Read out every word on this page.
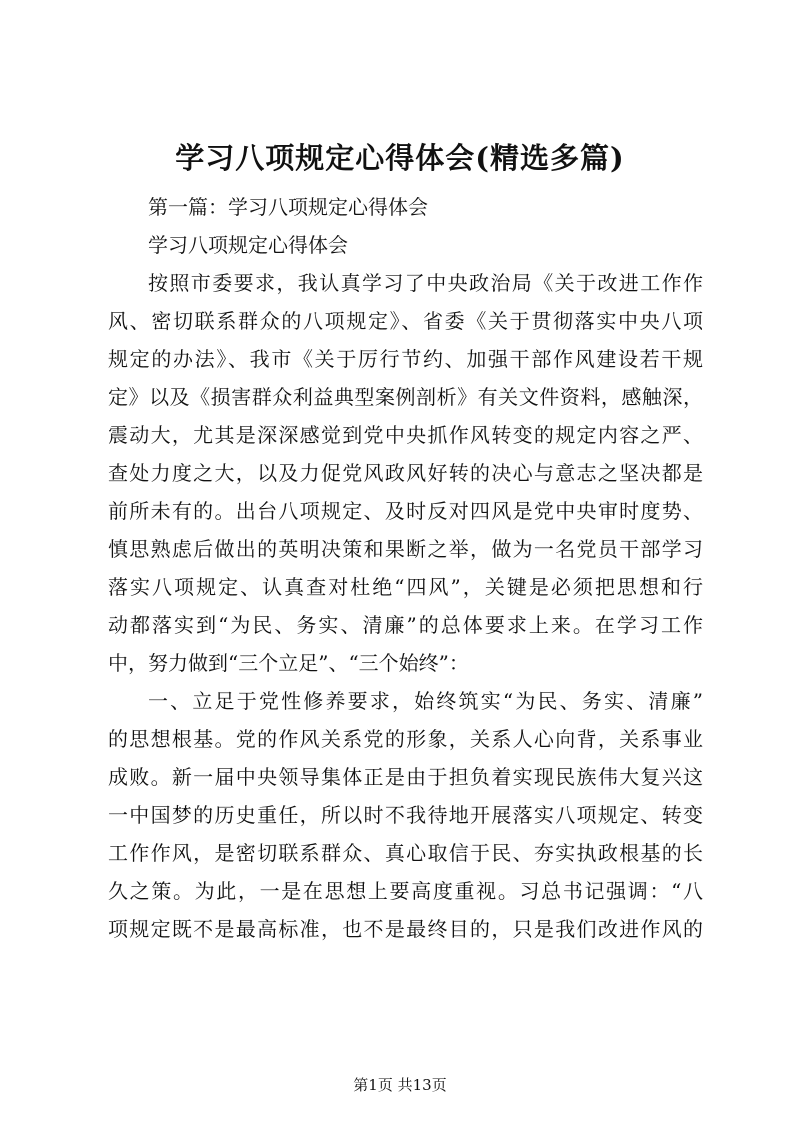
学习八项规定心得体会(精选多篇)
第一篇：学习八项规定心得体会
学习八项规定心得体会
按照市委要求，我认真学习了中央政治局《关于改进工作作
风、密切联系群众的八项规定》、省委《关于贯彻落实中央八项
规定的办法》、我市《关于厉行节约、加强干部作风建设若干规
定》以及《损害群众利益典型案例剖析》有关文件资料，感触深，
震动大，尤其是深深感觉到党中央抓作风转变的规定内容之严、
查处力度之大，以及力促党风政风好转的决心与意志之坚决都是
前所未有的。出台八项规定、及时反对四风是党中央审时度势、
慎思熟虑后做出的英明决策和果断之举，做为一名党员干部学习
落实八项规定、认真查对杜绝“四风”，关键是必须把思想和行
动都落实到“为民、务实、清廉”的总体要求上来。在学习工作
中，努力做到“三个立足”、“三个始终”：
一、立足于党性修养要求，始终筑实“为民、务实、清廉”
的思想根基。党的作风关系党的形象，关系人心向背，关系事业
成败。新一届中央领导集体正是由于担负着实现民族伟大复兴这
一中国梦的历史重任，所以时不我待地开展落实八项规定、转变
工作作风，是密切联系群众、真心取信于民、夯实执政根基的长
久之策。为此，一是在思想上要高度重视。习总书记强调：“八
项规定既不是最高标准，也不是最终目的，只是我们改进作风的
第1页 共13页
